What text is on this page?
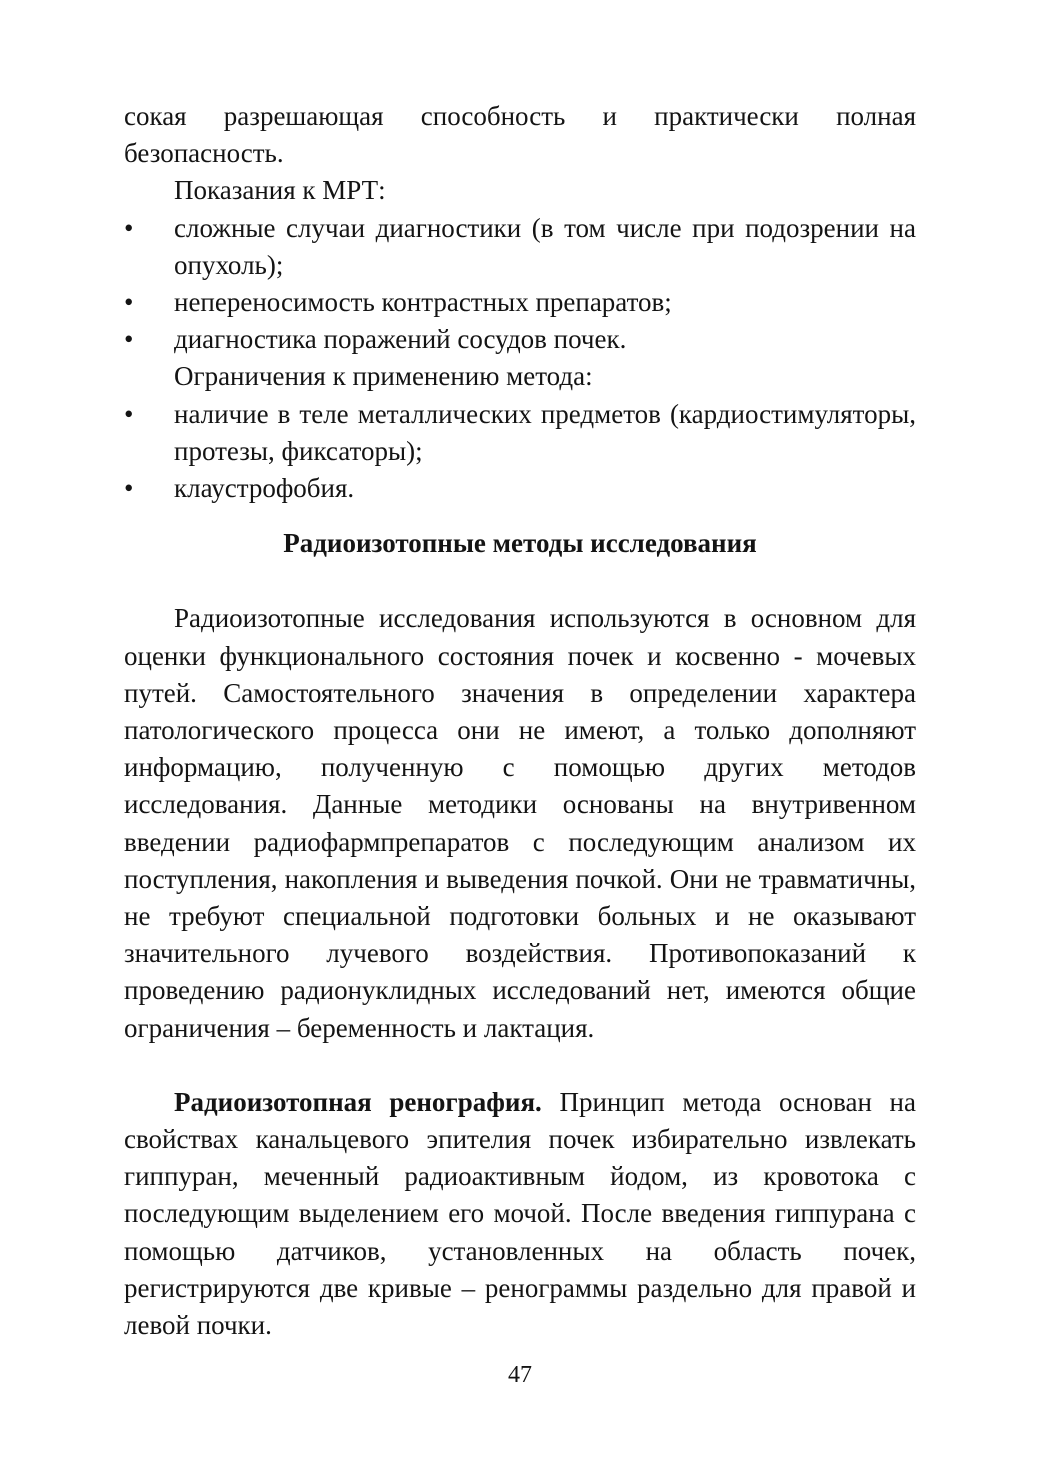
сокая разрешающая способность и практически полная безопасность.

Показания к МРТ:

• сложные случаи диагностики (в том числе при подозрении на опухоль);
• непереносимость контрастных препаратов;
• диагностика поражений сосудов почек.

Ограничения к применению метода:

• наличие в теле металлических предметов (кардиостимуляторы, протезы, фиксаторы);
• клаустрофобия.

Радиоизотопные методы исследования

Радиоизотопные исследования используются в основном для оценки функционального состояния почек и косвенно - мочевых путей. Самостоятельного значения в определении характера патологического процесса они не имеют, а только дополняют информацию, полученную с помощью других методов исследования. Данные методики основаны на внутривенном введении радиофармпрепаратов с последующим анализом их поступления, накопления и выведения почкой. Они не травматичны, не требуют специальной подготовки больных и не оказывают значительного лучевого воздействия. Противопоказаний к проведению радионуклидных исследований нет, имеются общие ограничения – беременность и лактация.

Радиоизотопная ренография. Принцип метода основан на свойствах канальцевого эпителия почек избирательно извлекать гиппуран, меченный радиоактивным йодом, из кровотока с последующим выделением его мочой. После введения гиппурана с помощью датчиков, установленных на область почек, регистрируются две кривые – ренограммы раздельно для правой и левой почки.

47
